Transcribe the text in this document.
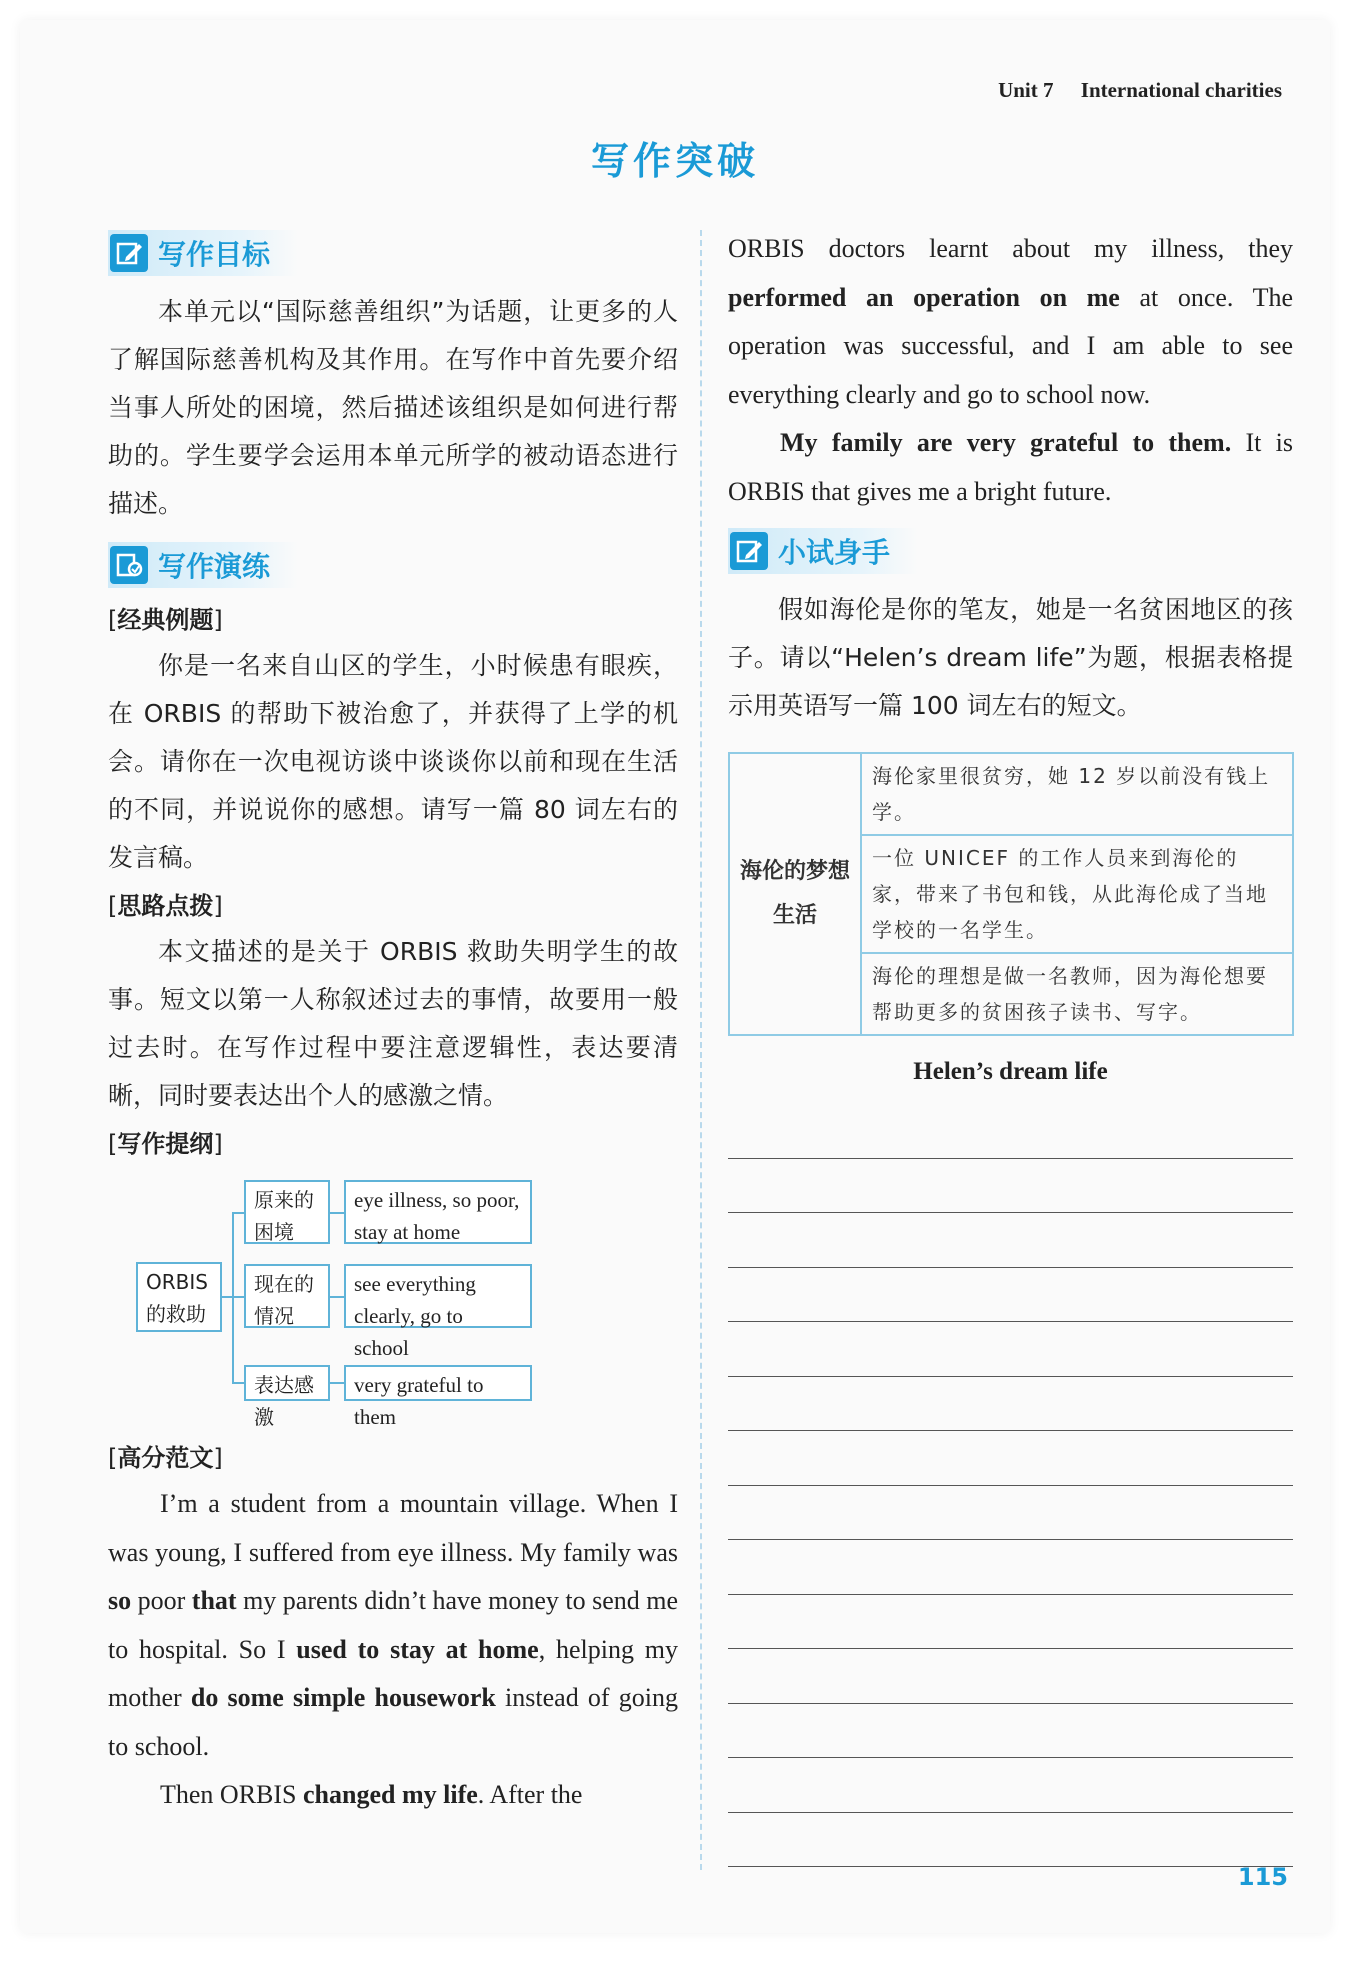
Unit 7 International charities
写作突破
写作目标

本单元以“国际慈善组织”为话题，让更多的人了解国际慈善机构及其作用。在写作中首先要介绍当事人所处的困境，然后描述该组织是如何进行帮助的。学生要学会运用本单元所学的被动语态进行描述。

写作演练
[经典例题]

你是一名来自山区的学生，小时候患有眼疾，在 ORBIS 的帮助下被治愈了，并获得了上学的机会。请你在一次电视访谈中谈谈你以前和现在生活的不同，并说说你的感想。请写一篇 80 词左右的发言稿。

[思路点拨]

本文描述的是关于 ORBIS 救助失明学生的故事。短文以第一人称叙述过去的事情，故要用一般过去时。在写作过程中要注意逻辑性，表达要清晰，同时要表达出个人的感激之情。

[写作提纲]
ORBIS 的救助
原来的困境
eye illness, so poor, stay at home
现在的情况
see everything clearly, go to school
表达感激
very grateful to them
[高分范文]

I’m a student from a mountain village. When I was young, I suffered from eye illness. My family was so poor that my parents didn’t have money to send me to hospital. So I used to stay at home, helping my mother do some simple housework instead of going to school.

Then ORBIS changed my life. After the

ORBIS doctors learnt about my illness, they performed an operation on me at once. The operation was successful, and I am able to see everything clearly and go to school now.

My family are very grateful to them. It is ORBIS that gives me a bright future.

小试身手

假如海伦是你的笔友，她是一名贫困地区的孩子。请以“Helen’s dream life”为题，根据表格提示用英语写一篇 100 词左右的短文。

海伦的梦想生活	海伦家里很贫穷，她 12 岁以前没有钱上学。
一位 UNICEF 的工作人员来到海伦的家，带来了书包和钱，从此海伦成了当地学校的一名学生。
海伦的理想是做一名教师，因为海伦想要帮助更多的贫困孩子读书、写字。
Helen’s dream life
115
